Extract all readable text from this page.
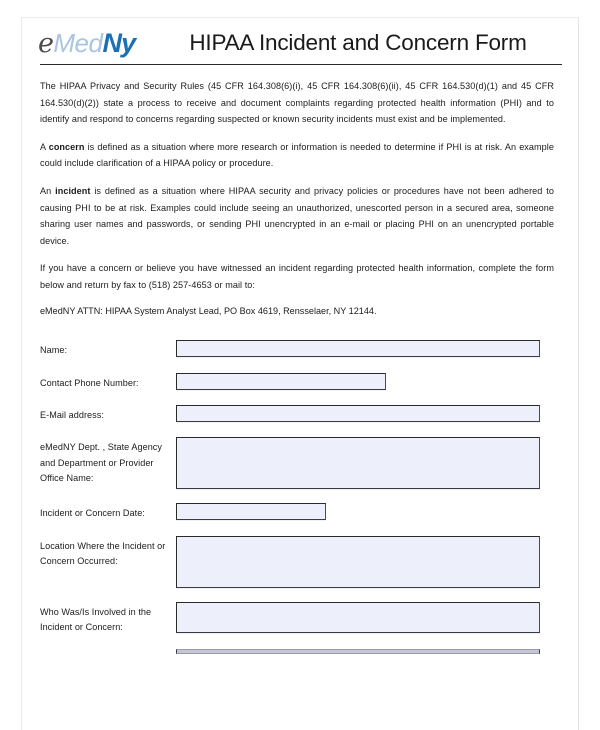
eMedNy	HIPAA Incident and Concern Form

The HIPAA Privacy and Security Rules (45 CFR 164.308(6)(i), 45 CFR 164.308(6)(ii), 45 CFR 164.530(d)(1) and 45 CFR 164.530(d)(2)) state a process to receive and document complaints regarding protected health information (PHI) and to identify and respond to concerns regarding suspected or known security incidents must exist and be implemented.

A concern is defined as a situation where more research or information is needed to determine if PHI is at risk. An example could include clarification of a HIPAA policy or procedure.

An incident is defined as a situation where HIPAA security and privacy policies or procedures have not been adhered to causing PHI to be at risk. Examples could include seeing an unauthorized, unescorted person in a secured area, someone sharing user names and passwords, or sending PHI unencrypted in an e-mail or placing PHI on an unencrypted portable device.

If you have a concern or believe you have witnessed an incident regarding protected health information, complete the form below and return by fax to (518) 257-4653 or mail to:

eMedNY ATTN: HIPAA System Analyst Lead, PO Box 4619, Rensselaer, NY 12144.
Name:
Contact Phone Number:
E-Mail address:
eMedNY Dept. , State Agency and Department or Provider Office Name:
Incident or Concern Date:
Location Where the Incident or Concern Occurred:
Who Was/Is Involved in the Incident or Concern:
